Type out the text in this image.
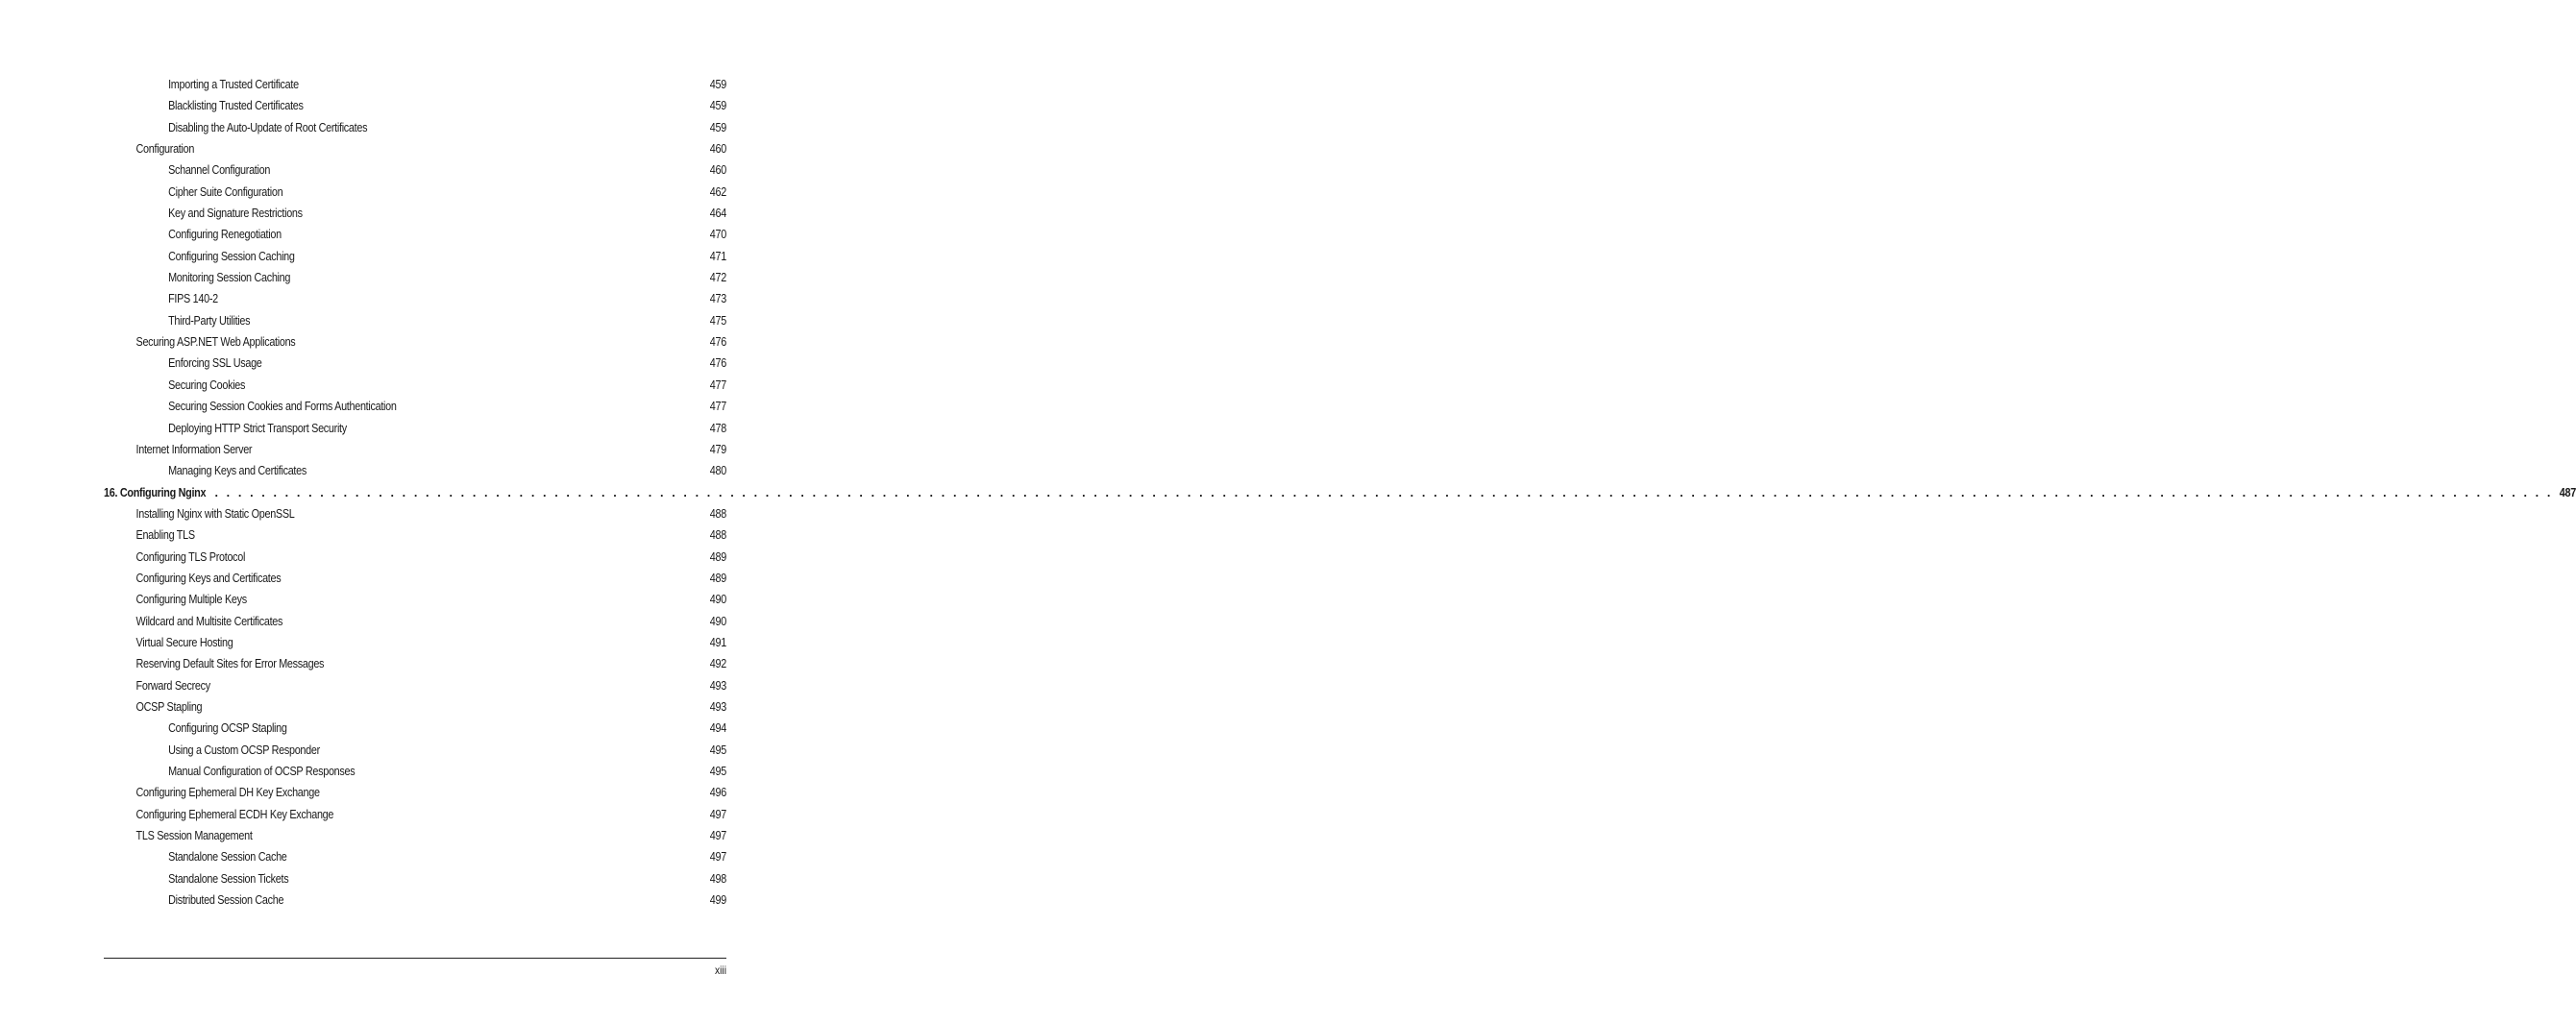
Importing a Trusted Certificate	459
Blacklisting Trusted Certificates	459
Disabling the Auto-Update of Root Certificates	459
Configuration	460
Schannel Configuration	460
Cipher Suite Configuration	462
Key and Signature Restrictions	464
Configuring Renegotiation	470
Configuring Session Caching	471
Monitoring Session Caching	472
FIPS 140-2	473
Third-Party Utilities	475
Securing ASP.NET Web Applications	476
Enforcing SSL Usage	476
Securing Cookies	477
Securing Session Cookies and Forms Authentication	477
Deploying HTTP Strict Transport Security	478
Internet Information Server	479
Managing Keys and Certificates	480
16. Configuring Nginx . . . . . . . . . . . . . . . . . . . . . . . . . . . . . . . . . . . . . . . . . . . . . . . . . . . . . . . . . . . . . . . . . . . . . . . . . . . . . . . . . . . . . . . . . . . . . . . . . . . . . . . . . . . . . . . . . . . . . . . . . . . . . . . . . . . . . . . . . . . . . . . . . . . . . . . . . . . . . . . . . . . . . . . . . . . . . . . . . . . . . . . . . . . . . . . . . . . . . . . . 487
Installing Nginx with Static OpenSSL	488
Enabling TLS	488
Configuring TLS Protocol	489
Configuring Keys and Certificates	489
Configuring Multiple Keys	490
Wildcard and Multisite Certificates	490
Virtual Secure Hosting	491
Reserving Default Sites for Error Messages	492
Forward Secrecy	493
OCSP Stapling	493
Configuring OCSP Stapling	494
Using a Custom OCSP Responder	495
Manual Configuration of OCSP Responses	495
Configuring Ephemeral DH Key Exchange	496
Configuring Ephemeral ECDH Key Exchange	497
TLS Session Management	497
Standalone Session Cache	497
Standalone Session Tickets	498
Distributed Session Cache	499
xiii
